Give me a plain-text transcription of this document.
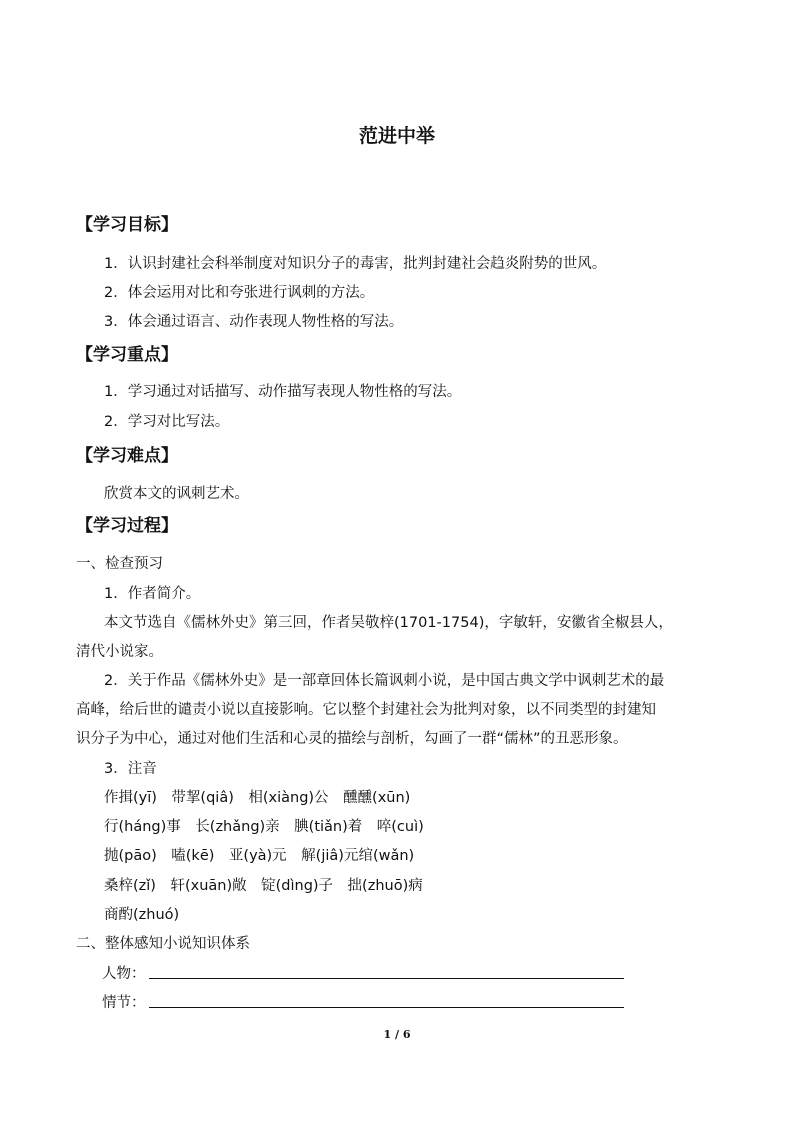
范进中举
【学习目标】
1．认识封建社会科举制度对知识分子的毒害，批判封建社会趋炎附势的世风。
2．体会运用对比和夸张进行讽刺的方法。
3．体会通过语言、动作表现人物性格的写法。
【学习重点】
1．学习通过对话描写、动作描写表现人物性格的写法。
2．学习对比写法。
【学习难点】
欣赏本文的讽刺艺术。
【学习过程】
一、检查预习
1．作者简介。
本文节选自《儒林外史》第三回，作者吴敬梓(1701-1754)，字敏轩，安徽省全椒县人，
清代小说家。
2．关于作品《儒林外史》是一部章回体长篇讽刺小说，是中国古典文学中讽刺艺术的最
高峰，给后世的谴责小说以直接影响。它以整个封建社会为批判对象，以不同类型的封建知
识分子为中心，通过对他们生活和心灵的描绘与剖析，勾画了一群“儒林”的丑恶形象。
3．注音
作揖(yī)　带挈(qiâ)　相(xiàng)公　醺醺(xūn)
行(háng)事　长(zhǎng)亲　腆(tiǎn)着　啐(cuì)
抛(pāo)　嗑(kē)　亚(yà)元　解(jiâ)元绾(wǎn)
桑梓(zǐ)　轩(xuān)敞　锭(dìng)子　拙(zhuō)病
商酌(zhuó)
二、整体感知小说知识体系
人物：
情节：
1 / 6
